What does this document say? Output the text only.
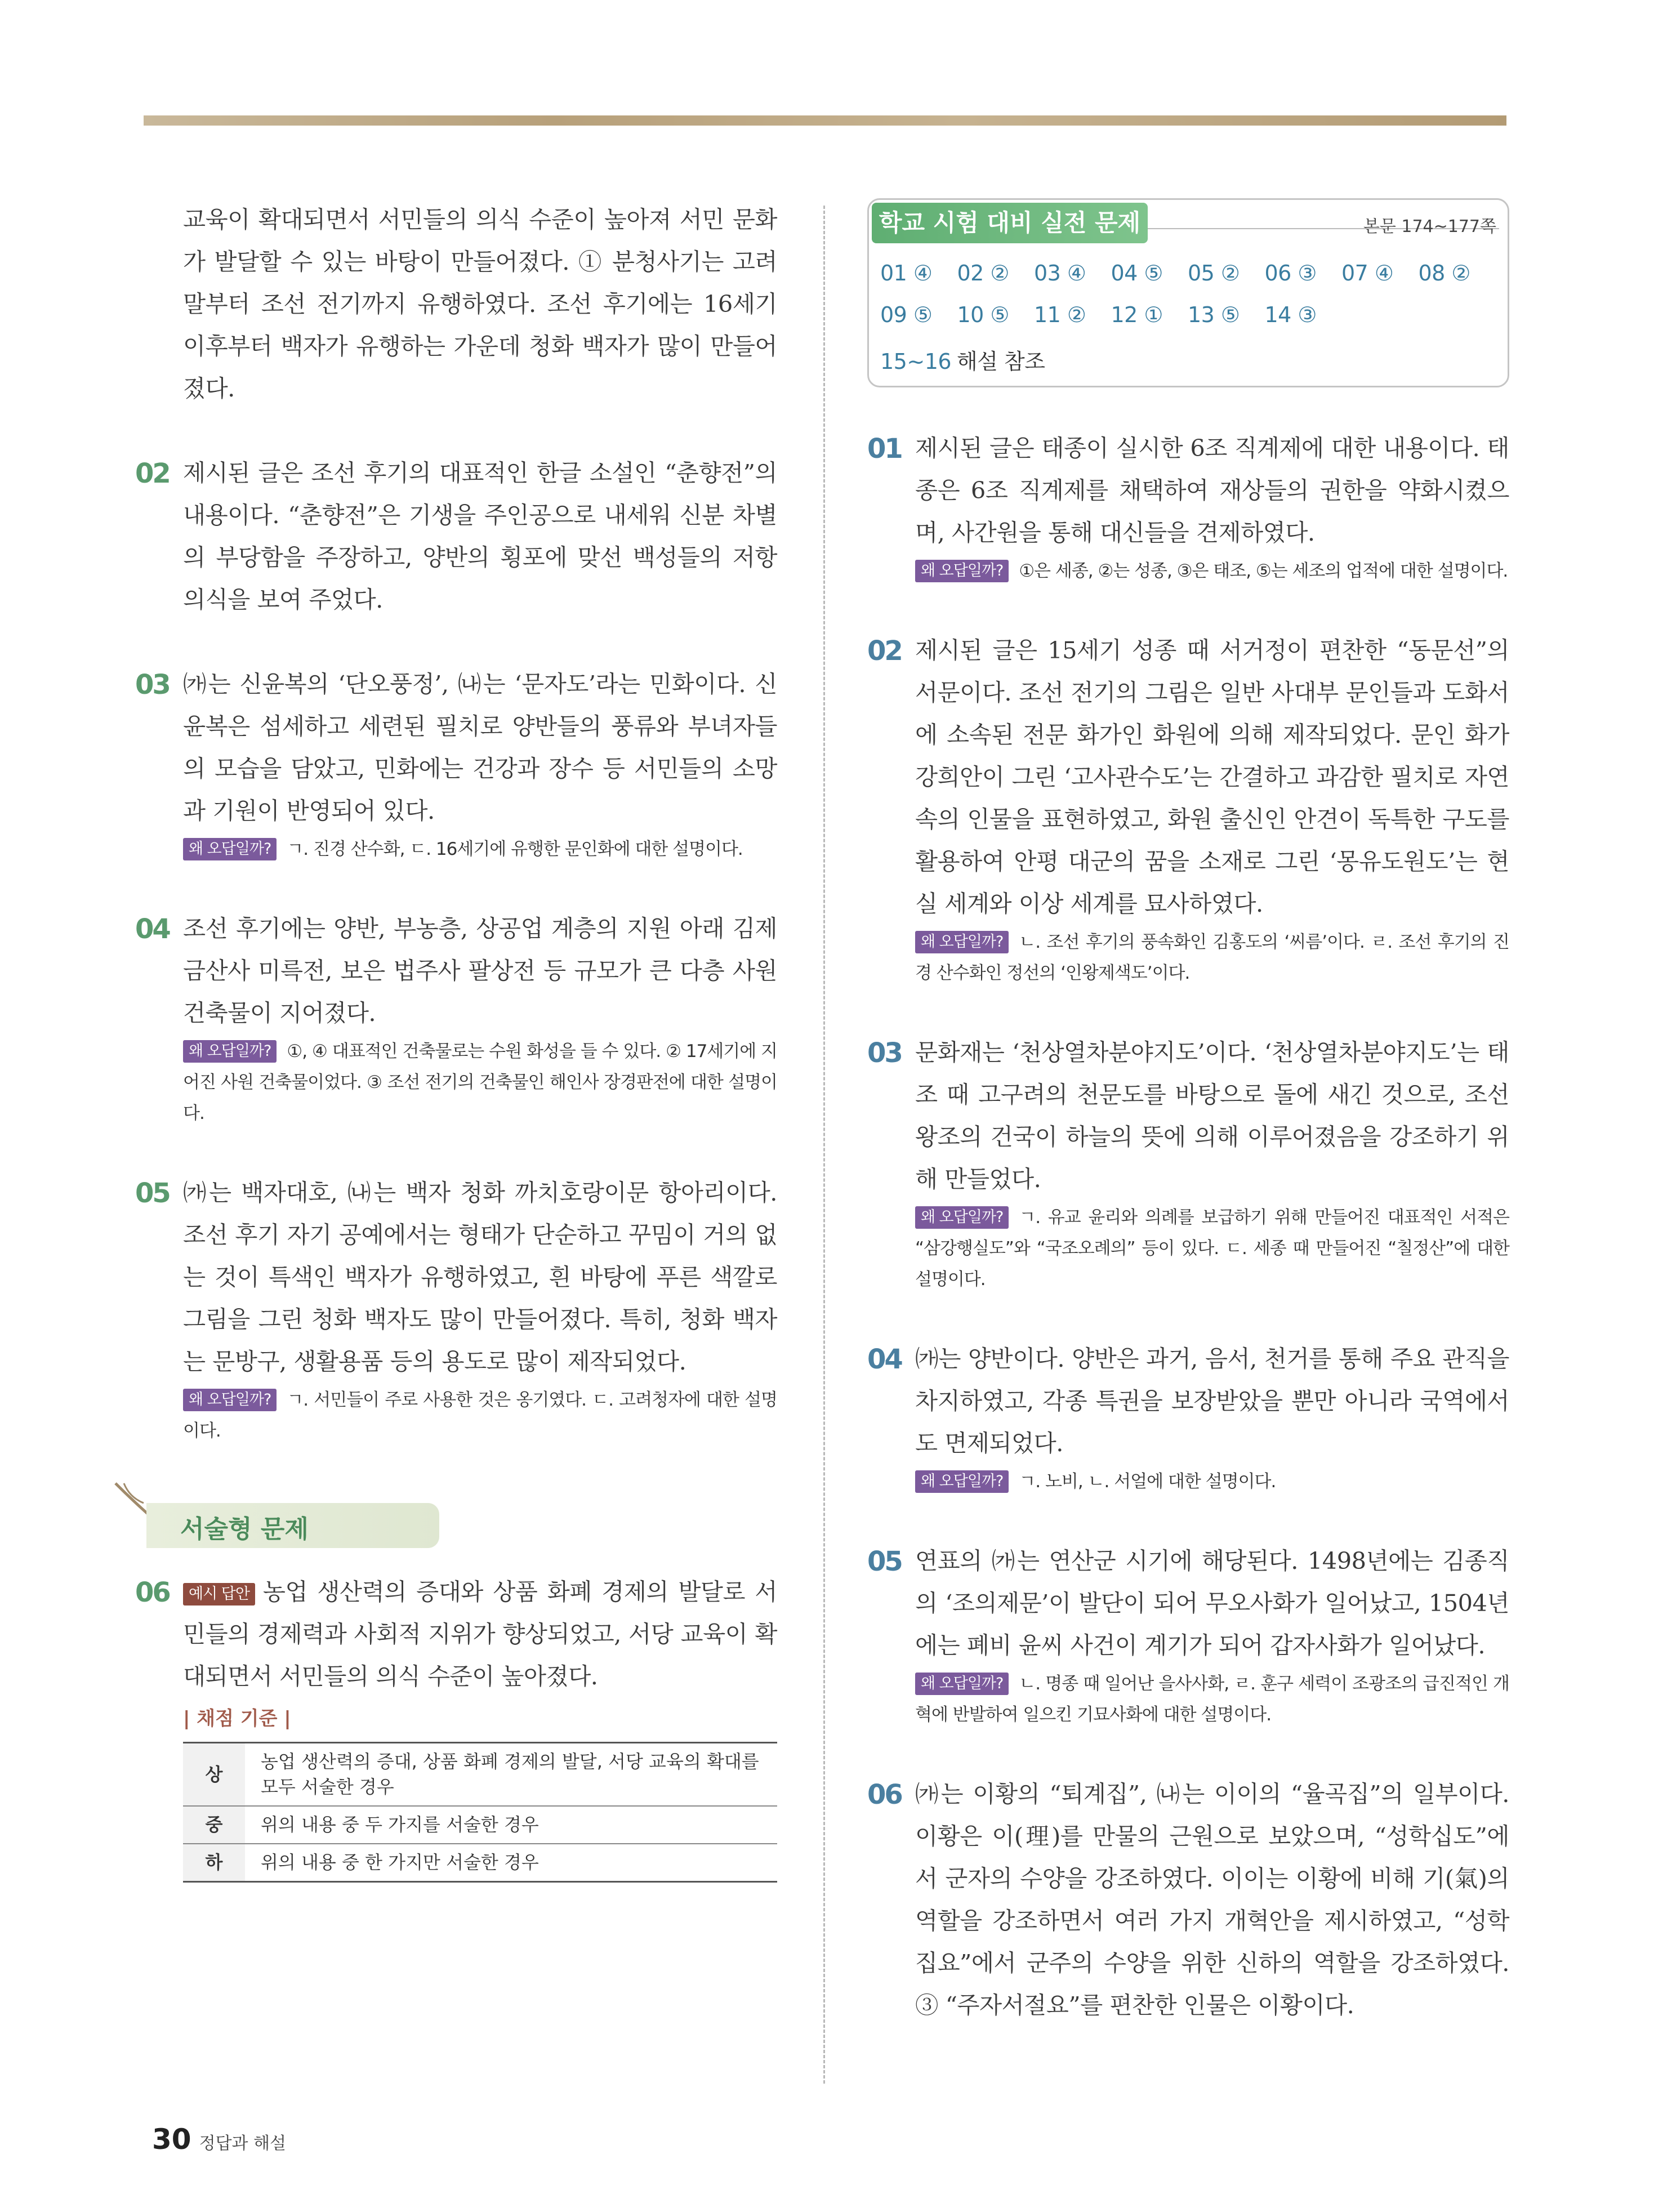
교육이 확대되면서 서민들의 의식 수준이 높아져 서민 문화가 발달할 수 있는 바탕이 만들어졌다. ① 분청사기는 고려 말부터 조선 전기까지 유행하였다. 조선 후기에는 16세기 이후부터 백자가 유행하는 가운데 청화 백자가 많이 만들어졌다.

02 제시된 글은 조선 후기의 대표적인 한글 소설인 “춘향전”의 내용이다. “춘향전”은 기생을 주인공으로 내세워 신분 차별의 부당함을 주장하고, 양반의 횡포에 맞선 백성들의 저항 의식을 보여 주었다.

03 ㈎는 신윤복의 ‘단오풍정’, ㈏는 ‘문자도’라는 민화이다. 신윤복은 섬세하고 세련된 필치로 양반들의 풍류와 부녀자들의 모습을 담았고, 민화에는 건강과 장수 등 서민들의 소망과 기원이 반영되어 있다.

왜 오답일까? ㄱ. 진경 산수화, ㄷ. 16세기에 유행한 문인화에 대한 설명이다.

04 조선 후기에는 양반, 부농층, 상공업 계층의 지원 아래 김제 금산사 미륵전, 보은 법주사 팔상전 등 규모가 큰 다층 사원 건축물이 지어졌다.

왜 오답일까? ①, ④ 대표적인 건축물로는 수원 화성을 들 수 있다. ② 17세기에 지어진 사원 건축물이었다. ③ 조선 전기의 건축물인 해인사 장경판전에 대한 설명이다.

05 ㈎는 백자대호, ㈏는 백자 청화 까치호랑이문 항아리이다. 조선 후기 자기 공예에서는 형태가 단순하고 꾸밈이 거의 없는 것이 특색인 백자가 유행하였고, 흰 바탕에 푸른 색깔로 그림을 그린 청화 백자도 많이 만들어졌다. 특히, 청화 백자는 문방구, 생활용품 등의 용도로 많이 제작되었다.

왜 오답일까? ㄱ. 서민들이 주로 사용한 것은 옹기였다. ㄷ. 고려청자에 대한 설명이다.

서술형 문제
06	예시 답안 농업 생산력의 증대와 상품 화폐 경제의 발달로 서민들의 경제력과 사회적 지위가 향상되었고, 서당 교육이 확대되면서 서민들의 의식 수준이 높아졌다.

| 채점 기준 |
상	농업 생산력의 증대, 상품 화폐 경제의 발달, 서당 교육의 확대를 모두 서술한 경우
중	위의 내용 중 두 가지를 서술한 경우
하	위의 내용 중 한 가지만 서술한 경우
학교 시험 대비 실전 문제	본문 174~177쪽
01 ④ 02 ② 03 ④ 04 ⑤ 05 ② 06 ③ 07 ④ 08 ②
09 ⑤ 10 ⑤ 11 ② 12 ① 13 ⑤ 14 ③
15~16 해설 참조
01 제시된 글은 태종이 실시한 6조 직계제에 대한 내용이다. 태종은 6조 직계제를 채택하여 재상들의 권한을 약화시켰으며, 사간원을 통해 대신들을 견제하였다.

왜 오답일까? ①은 세종, ②는 성종, ③은 태조, ⑤는 세조의 업적에 대한 설명이다.

02 제시된 글은 15세기 성종 때 서거정이 편찬한 “동문선”의 서문이다. 조선 전기의 그림은 일반 사대부 문인들과 도화서에 소속된 전문 화가인 화원에 의해 제작되었다. 문인 화가 강희안이 그린 ‘고사관수도’는 간결하고 과감한 필치로 자연 속의 인물을 표현하였고, 화원 출신인 안견이 독특한 구도를 활용하여 안평 대군의 꿈을 소재로 그린 ‘몽유도원도’는 현실 세계와 이상 세계를 묘사하였다.

왜 오답일까? ㄴ. 조선 후기의 풍속화인 김홍도의 ‘씨름’이다. ㄹ. 조선 후기의 진경 산수화인 정선의 ‘인왕제색도’이다.

03 문화재는 ‘천상열차분야지도’이다. ‘천상열차분야지도’는 태조 때 고구려의 천문도를 바탕으로 돌에 새긴 것으로, 조선 왕조의 건국이 하늘의 뜻에 의해 이루어졌음을 강조하기 위해 만들었다.

왜 오답일까? ㄱ. 유교 윤리와 의례를 보급하기 위해 만들어진 대표적인 서적은 “삼강행실도”와 “국조오례의” 등이 있다. ㄷ. 세종 때 만들어진 “칠정산”에 대한 설명이다.

04 ㈎는 양반이다. 양반은 과거, 음서, 천거를 통해 주요 관직을 차지하였고, 각종 특권을 보장받았을 뿐만 아니라 국역에서도 면제되었다.

왜 오답일까? ㄱ. 노비, ㄴ. 서얼에 대한 설명이다.

05 연표의 ㈎는 연산군 시기에 해당된다. 1498년에는 김종직의 ‘조의제문’이 발단이 되어 무오사화가 일어났고, 1504년에는 폐비 윤씨 사건이 계기가 되어 갑자사화가 일어났다.

왜 오답일까? ㄴ. 명종 때 일어난 을사사화, ㄹ. 훈구 세력이 조광조의 급진적인 개혁에 반발하여 일으킨 기묘사화에 대한 설명이다.

06 ㈎는 이황의 “퇴계집”, ㈏는 이이의 “율곡집”의 일부이다. 이황은 이(理)를 만물의 근원으로 보았으며, “성학십도”에서 군자의 수양을 강조하였다. 이이는 이황에 비해 기(氣)의 역할을 강조하면서 여러 가지 개혁안을 제시하였고, “성학집요”에서 군주의 수양을 위한 신하의 역할을 강조하였다. ③ “주자서절요”를 편찬한 인물은 이황이다.

30 정답과 해설
